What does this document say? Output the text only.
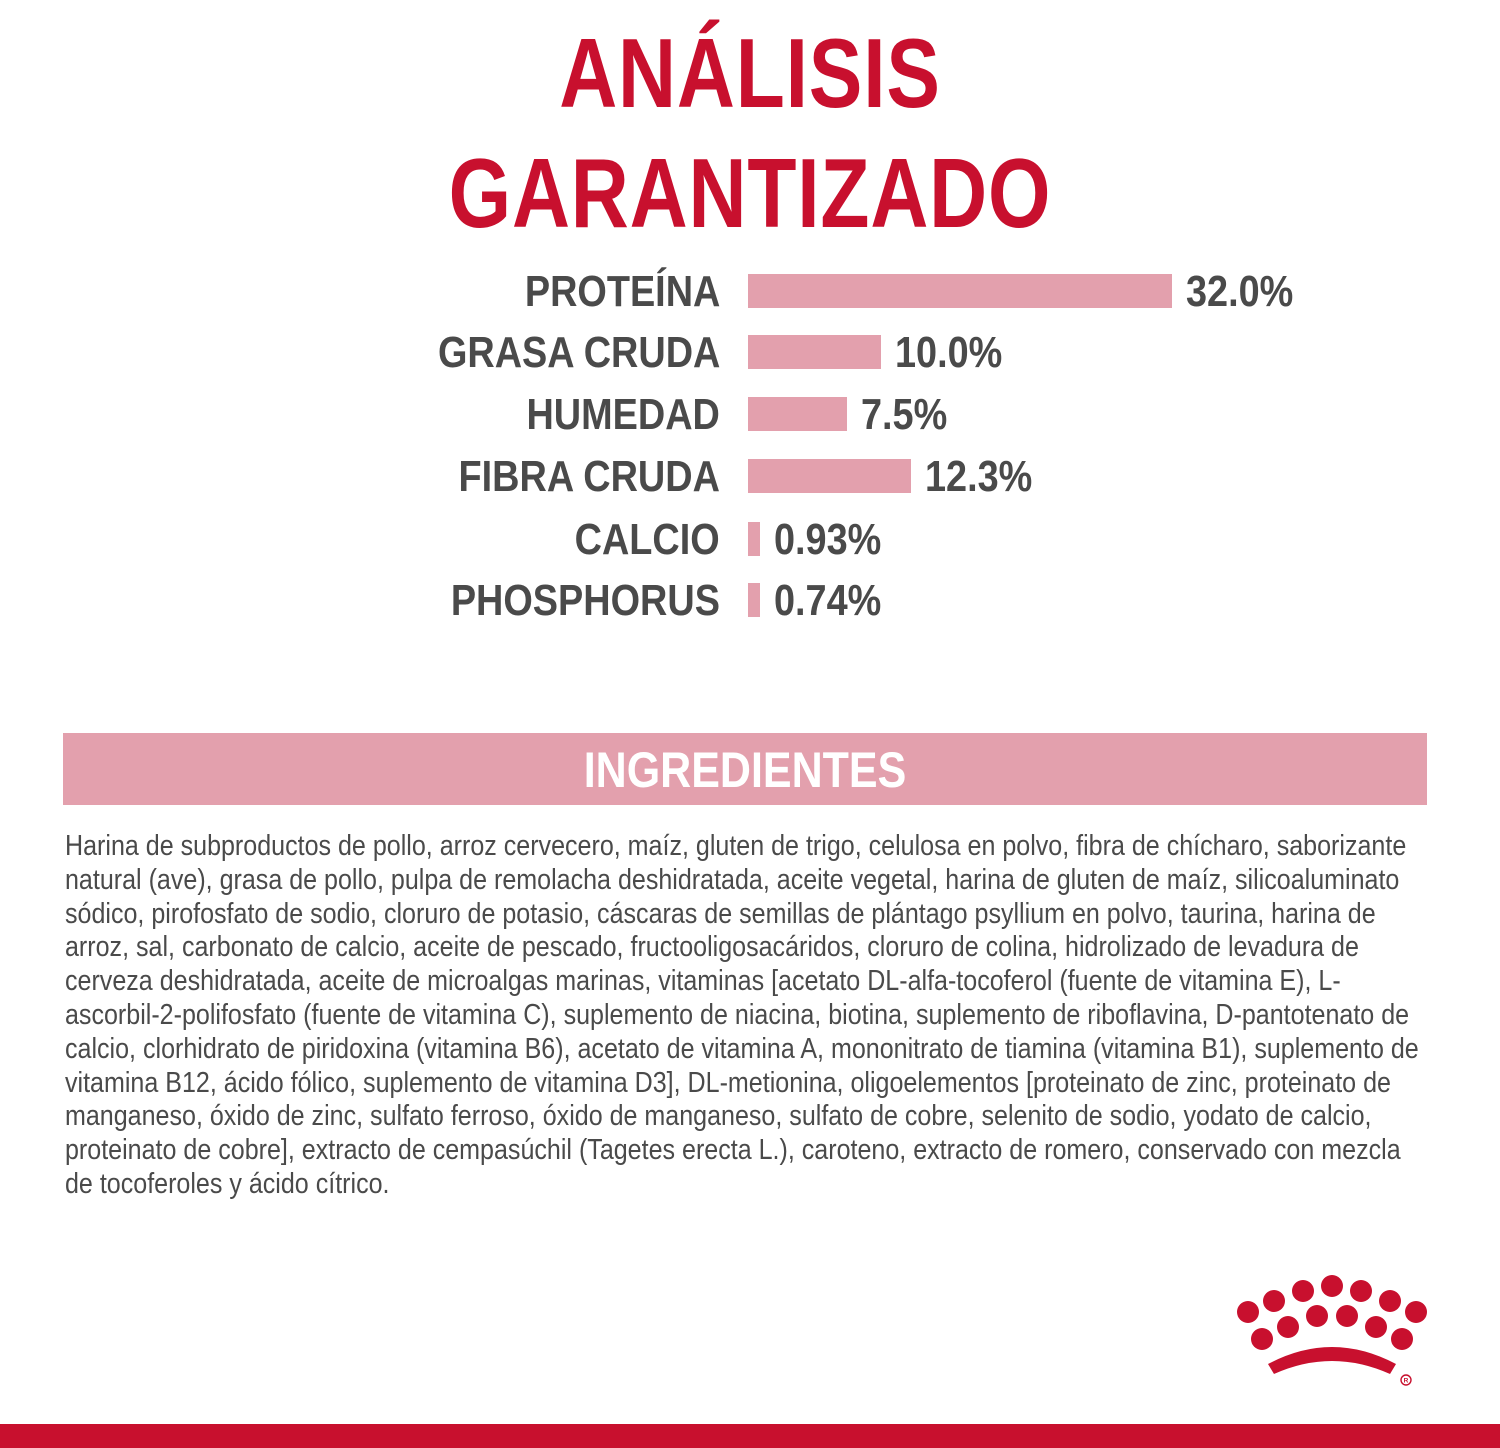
ANÁLISIS
GARANTIZADO
PROTEÍNA	32.0%
GRASA CRUDA	10.0%
HUMEDAD	7.5%
FIBRA CRUDA	12.3%
CALCIO 0.93%
PHOSPHORUS 0.74%
INGREDIENTES

Harina de subproductos de pollo, arroz cervecero, maíz, gluten de trigo, celulosa en polvo, fibra de chícharo, saborizante natural (ave), grasa de pollo, pulpa de remolacha deshidratada, aceite vegetal, harina de gluten de maíz, silicoaluminato sódico, pirofosfato de sodio, cloruro de potasio, cáscaras de semillas de plántago psyllium en polvo, taurina, harina de arroz, sal, carbonato de calcio, aceite de pescado, fructooligosacáridos, cloruro de colina, hidrolizado de levadura de cerveza deshidratada, aceite de microalgas marinas, vitaminas [acetato DL-alfa-tocoferol (fuente de vitamina E), L-ascorbil-2-polifosfato (fuente de vitamina C), suplemento de niacina, biotina, suplemento de riboflavina, D-pantotenato de calcio, clorhidrato de piridoxina (vitamina B6), acetato de vitamina A, mononitrato de tiamina (vitamina B1), suplemento de vitamina B12, ácido fólico, suplemento de vitamina D3], DL-metionina, oligoelementos [proteinato de zinc, proteinato de manganeso, óxido de zinc, sulfato ferroso, óxido de manganeso, sulfato de cobre, selenito de sodio, yodato de calcio, proteinato de cobre], extracto de cempasúchil (Tagetes erecta L.), caroteno, extracto de romero, conservado con mezcla de tocoferoles y ácido cítrico.

R
